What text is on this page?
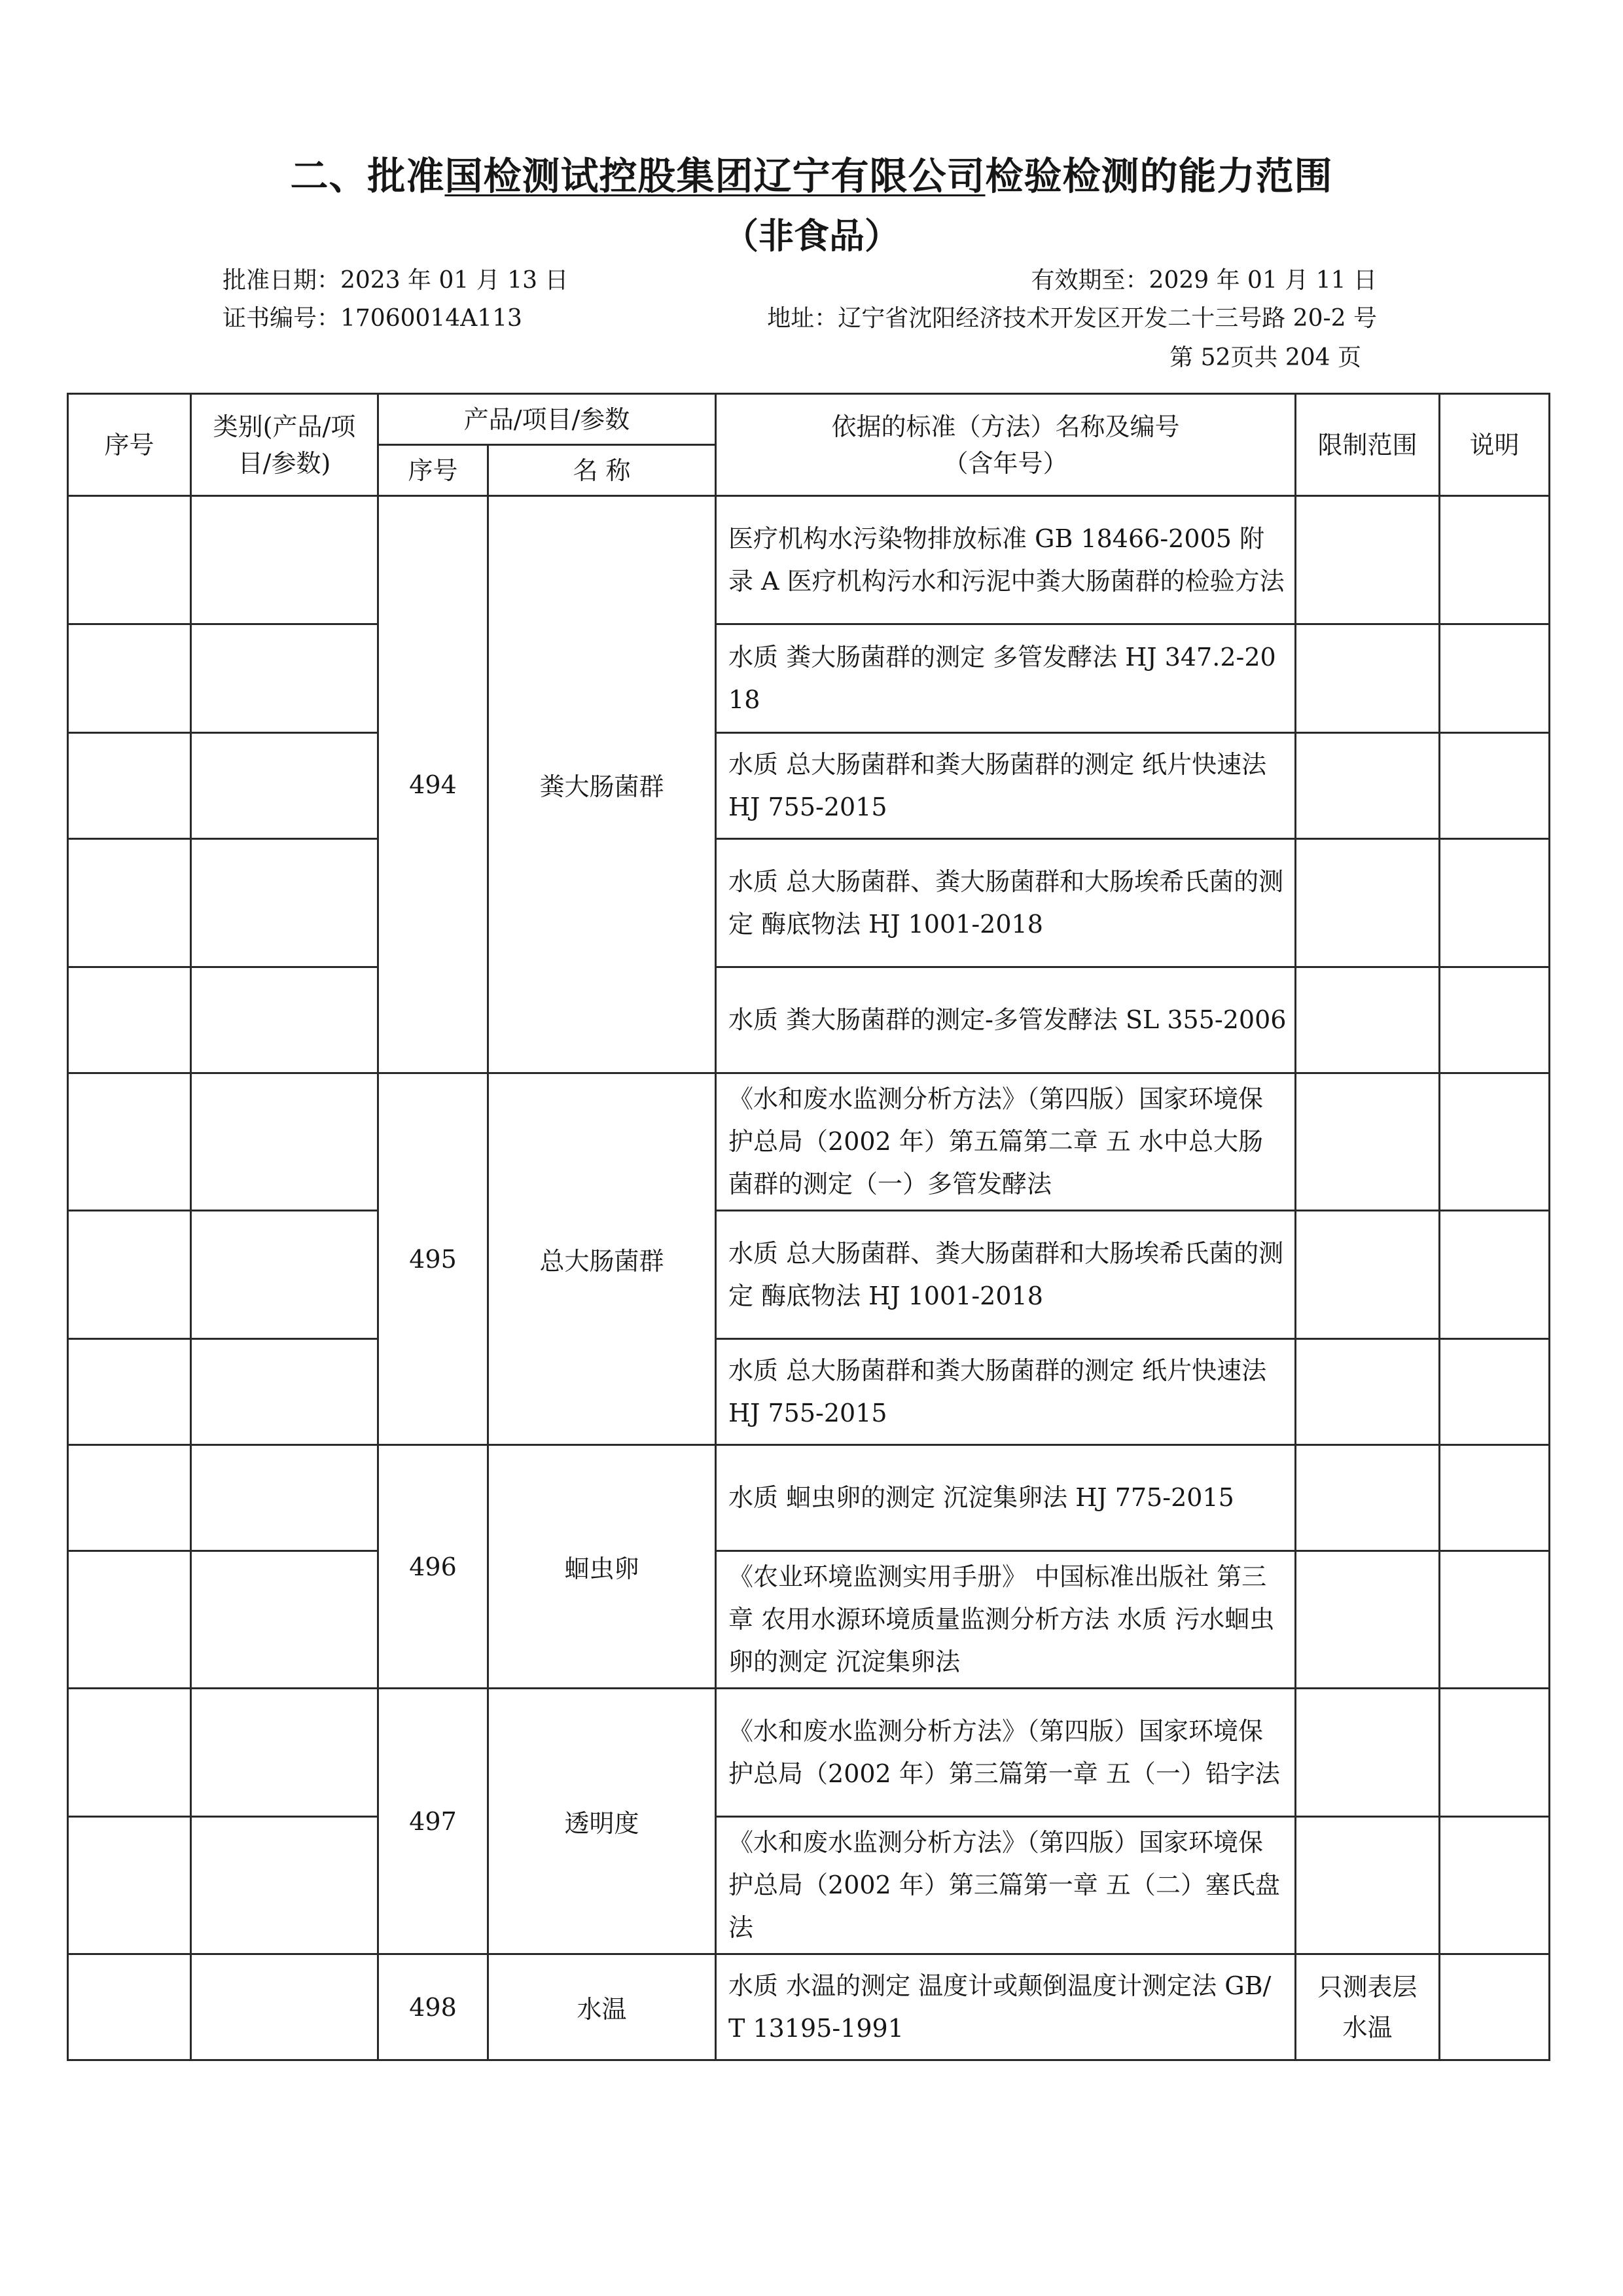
二、批准国检测试控股集团辽宁有限公司检验检测的能力范围
（非食品）
批准日期：2023 年 01 月 13 日	有效期至：2029 年 01 月 11 日
证书编号：17060014A113	地址：辽宁省沈阳经济技术开发区开发二十三号路 20-2 号
第 52页共 204 页
序号	类别(产品/项目/参数)	产品/项目/参数		依据的标准（方法）名称及编号（含年号）	限制范围	说明
		序号	名 称			
		494	粪大肠菌群	医疗机构水污染物排放标准 GB 18466-2005 附录 A 医疗机构污水和污泥中粪大肠菌群的检验方法		
				水质 粪大肠菌群的测定 多管发酵法 HJ 347.2-2018		
				水质 总大肠菌群和粪大肠菌群的测定 纸片快速法 HJ 755-2015		
				水质 总大肠菌群、粪大肠菌群和大肠埃希氏菌的测定 酶底物法 HJ 1001-2018		
				水质 粪大肠菌群的测定-多管发酵法 SL 355-2006		
		495	总大肠菌群	《水和废水监测分析方法》（第四版）国家环境保护总局（2002 年）第五篇第二章 五 水中总大肠菌群的测定（一）多管发酵法		
				水质 总大肠菌群、粪大肠菌群和大肠埃希氏菌的测定 酶底物法 HJ 1001-2018		
				水质 总大肠菌群和粪大肠菌群的测定 纸片快速法 HJ 755-2015		
		496	蛔虫卵	水质 蛔虫卵的测定 沉淀集卵法 HJ 775-2015		
				《农业环境监测实用手册》 中国标准出版社 第三章 农用水源环境质量监测分析方法 水质 污水蛔虫卵的测定 沉淀集卵法		
		497	透明度	《水和废水监测分析方法》（第四版）国家环境保护总局（2002 年）第三篇第一章 五（一）铅字法		
				《水和废水监测分析方法》（第四版）国家环境保护总局（2002 年）第三篇第一章 五（二）塞氏盘法		
		498	水温	水质 水温的测定 温度计或颠倒温度计测定法 GB/T 13195-1991	只测表层水温	
